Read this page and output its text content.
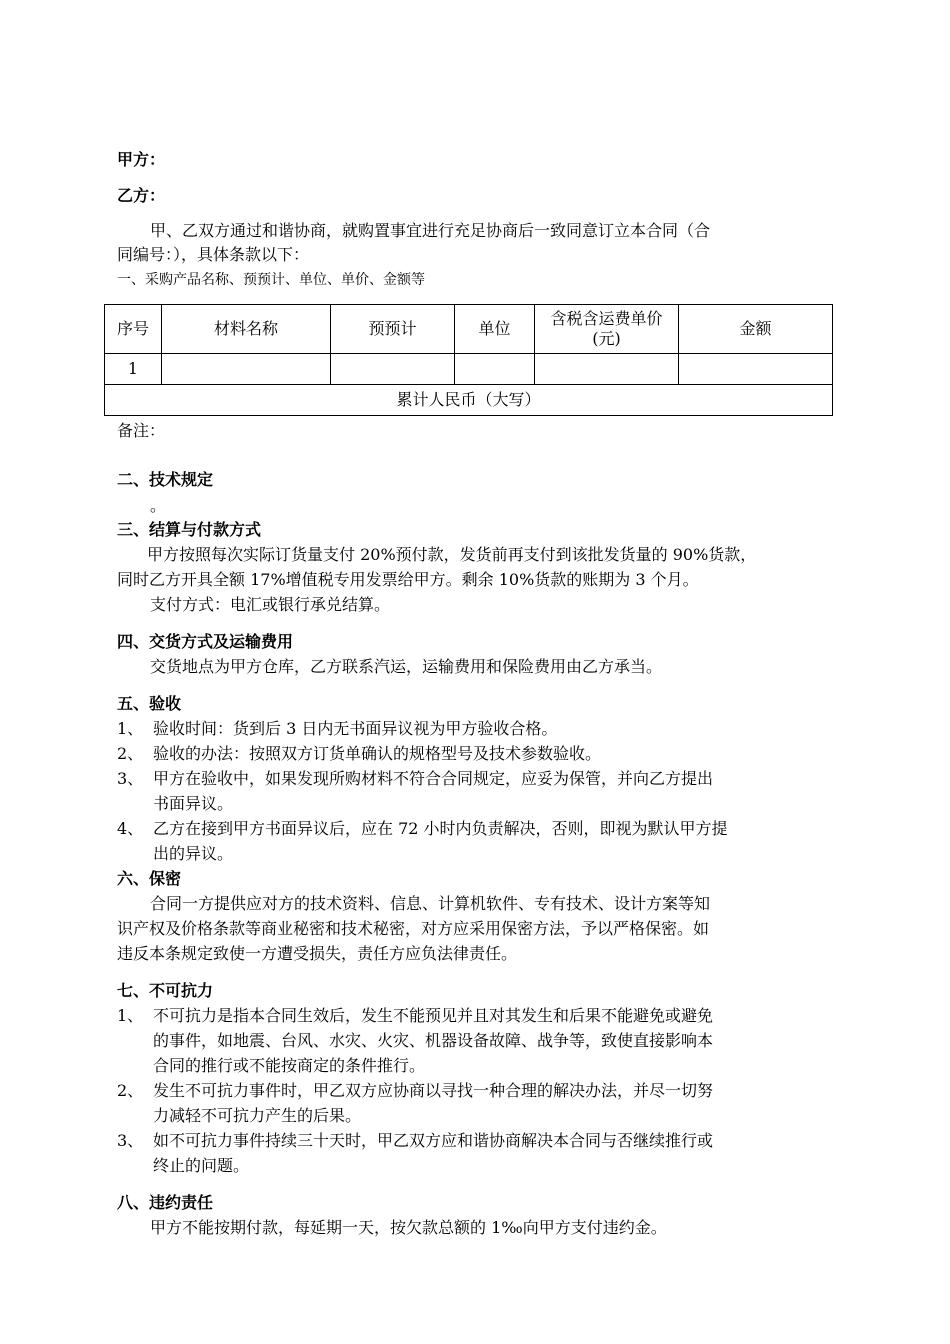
甲方：
乙方：
甲、乙双方通过和谐协商，就购置事宜进行充足协商后一致同意订立本合同（合
同编号：），具体条款以下：
一、采购产品名称、预预计、单位、单价、金额等
序号	材料名称	预预计	单位	含税含运费单价(元)	金额
1					
累计人民币（大写）					
备注：
二、技术规定
。
三、结算与付款方式
甲方按照每次实际订货量支付 20%预付款，发货前再支付到该批发货量的 90%货款，
同时乙方开具全额 17%增值税专用发票给甲方。剩余 10%货款的账期为 3 个月。
支付方式：电汇或银行承兑结算。
四、交货方式及运输费用
交货地点为甲方仓库，乙方联系汽运，运输费用和保险费用由乙方承当。
五、验收
1、 验收时间：货到后 3 日内无书面异议视为甲方验收合格。
2、 验收的办法：按照双方订货单确认的规格型号及技术参数验收。
3、 甲方在验收中，如果发现所购材料不符合合同规定，应妥为保管，并向乙方提出
书面异议。
4、 乙方在接到甲方书面异议后，应在 72 小时内负责解决，否则，即视为默认甲方提
出的异议。
六、保密
合同一方提供应对方的技术资料、信息、计算机软件、专有技术、设计方案等知
识产权及价格条款等商业秘密和技术秘密，对方应采用保密方法，予以严格保密。如
违反本条规定致使一方遭受损失，责任方应负法律责任。
七、不可抗力
1、 不可抗力是指本合同生效后，发生不能预见并且对其发生和后果不能避免或避免
的事件，如地震、台风、水灾、火灾、机器设备故障、战争等，致使直接影响本
合同的推行或不能按商定的条件推行。
2、 发生不可抗力事件时，甲乙双方应协商以寻找一种合理的解决办法，并尽一切努
力减轻不可抗力产生的后果。
3、 如不可抗力事件持续三十天时，甲乙双方应和谐协商解决本合同与否继续推行或
终止的问题。
八、违约责任
甲方不能按期付款，每延期一天，按欠款总额的 1‰向甲方支付违约金。
